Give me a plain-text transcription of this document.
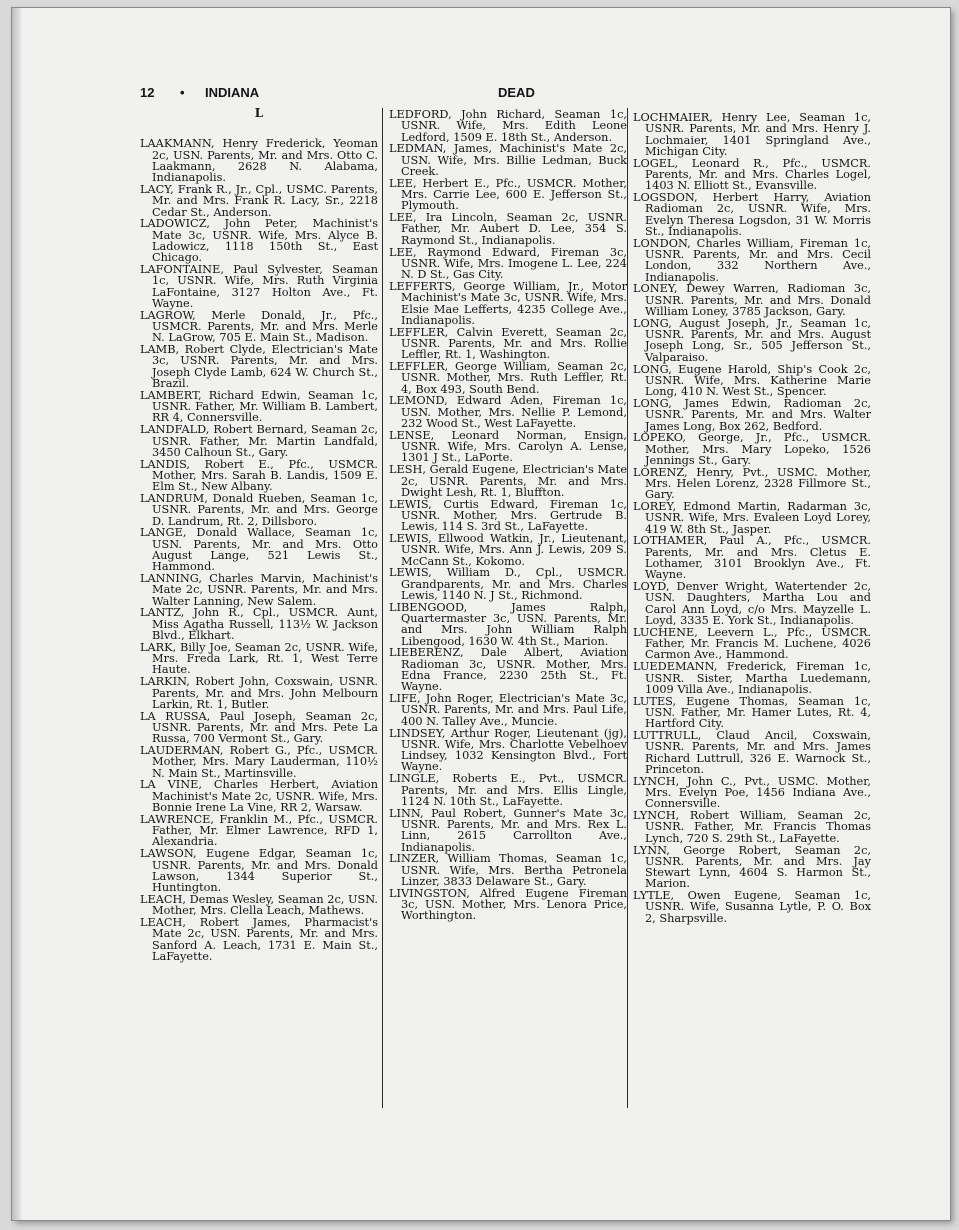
12 • INDIANA	DEAD
L
LAAKMANN, Henry Frederick, Yeoman 2c, USN. Parents, Mr. and Mrs. Otto C. Laakmann, 2628 N. Alabama, Indianapolis.
LACY, Frank R., Jr., Cpl., USMC. Parents, Mr. and Mrs. Frank R. Lacy, Sr., 2218 Cedar St., Anderson.
LADOWICZ, John Peter, Machinist's Mate 3c, USNR. Wife, Mrs. Alyce B. Ladowicz, 1118 150th St., East Chicago.
LAFONTAINE, Paul Sylvester, Seaman 1c, USNR. Wife, Mrs. Ruth Virginia LaFontaine, 3127 Holton Ave., Ft. Wayne.
LAGROW, Merle Donald, Jr., Pfc., USMCR. Parents, Mr. and Mrs. Merle N. LaGrow, 705 E. Main St., Madison.
LAMB, Robert Clyde, Electrician's Mate 3c, USNR. Parents, Mr. and Mrs. Joseph Clyde Lamb, 624 W. Church St., Brazil.
LAMBERT, Richard Edwin, Seaman 1c, USNR. Father, Mr. William B. Lambert, RR 4, Connersville.
LANDFALD, Robert Bernard, Seaman 2c, USNR. Father, Mr. Martin Landfald, 3450 Calhoun St., Gary.
LANDIS, Robert E., Pfc., USMCR. Mother, Mrs. Sarah B. Landis, 1509 E. Elm St., New Albany.
LANDRUM, Donald Rueben, Seaman 1c, USNR. Parents, Mr. and Mrs. George D. Landrum, Rt. 2, Dillsboro.
LANGE, Donald Wallace, Seaman 1c, USN. Parents, Mr. and Mrs. Otto August Lange, 521 Lewis St., Hammond.
LANNING, Charles Marvin, Machinist's Mate 2c, USNR. Parents, Mr. and Mrs. Walter Lanning, New Salem.
LANTZ, John R., Cpl., USMCR. Aunt, Miss Agatha Russell, 113½ W. Jackson Blvd., Elkhart.
LARK, Billy Joe, Seaman 2c, USNR. Wife, Mrs. Freda Lark, Rt. 1, West Terre Haute.
LARKIN, Robert John, Coxswain, USNR. Parents, Mr. and Mrs. John Melbourn Larkin, Rt. 1, Butler.
LA RUSSA, Paul Joseph, Seaman 2c, USNR. Parents, Mr. and Mrs. Pete La Russa, 700 Vermont St., Gary.
LAUDERMAN, Robert G., Pfc., USMCR. Mother, Mrs. Mary Lauderman, 110½ N. Main St., Martinsville.
LA VINE, Charles Herbert, Aviation Machinist's Mate 2c, USNR. Wife, Mrs. Bonnie Irene La Vine, RR 2, Warsaw.
LAWRENCE, Franklin M., Pfc., USMCR. Father, Mr. Elmer Lawrence, RFD 1, Alexandria.
LAWSON, Eugene Edgar, Seaman 1c, USNR. Parents, Mr. and Mrs. Donald Lawson, 1344 Superior St., Huntington.
LEACH, Demas Wesley, Seaman 2c, USN. Mother, Mrs. Clella Leach, Mathews.
LEACH, Robert James, Pharmacist's Mate 2c, USN. Parents, Mr. and Mrs. Sanford A. Leach, 1731 E. Main St., LaFayette.
LEDFORD, John Richard, Seaman 1c, USNR. Wife, Mrs. Edith Leone Ledford, 1509 E. 18th St., Anderson.
LEDMAN, James, Machinist's Mate 2c, USN. Wife, Mrs. Billie Ledman, Buck Creek.
LEE, Herbert E., Pfc., USMCR. Mother, Mrs. Carrie Lee, 600 E. Jefferson St., Plymouth.
LEE, Ira Lincoln, Seaman 2c, USNR. Father, Mr. Aubert D. Lee, 354 S. Raymond St., Indianapolis.
LEE, Raymond Edward, Fireman 3c, USNR. Wife, Mrs. Imogene L. Lee, 224 N. D St., Gas City.
LEFFERTS, George William, Jr., Motor Machinist's Mate 3c, USNR. Wife, Mrs. Elsie Mae Lefferts, 4235 College Ave., Indianapolis.
LEFFLER, Calvin Everett, Seaman 2c, USNR. Parents, Mr. and Mrs. Rollie Leffler, Rt. 1, Washington.
LEFFLER, George William, Seaman 2c, USNR. Mother, Mrs. Ruth Leffler, Rt. 4, Box 493, South Bend.
LEMOND, Edward Aden, Fireman 1c, USN. Mother, Mrs. Nellie P. Lemond, 232 Wood St., West LaFayette.
LENSE, Leonard Norman, Ensign, USNR. Wife, Mrs. Carolyn A. Lense, 1301 J St., LaPorte.
LESH, Gerald Eugene, Electrician's Mate 2c, USNR. Parents, Mr. and Mrs. Dwight Lesh, Rt. 1, Bluffton.
LEWIS, Curtis Edward, Fireman 1c, USNR. Mother, Mrs. Gertrude B. Lewis, 114 S. 3rd St., LaFayette.
LEWIS, Ellwood Watkin, Jr., Lieutenant, USNR. Wife, Mrs. Ann J. Lewis, 209 S. McCann St., Kokomo.
LEWIS, William D., Cpl., USMCR. Grandparents, Mr. and Mrs. Charles Lewis, 1140 N. J St., Richmond.
LIBENGOOD, James Ralph, Quartermaster 3c, USN. Parents, Mr. and Mrs. John William Ralph Libengood, 1630 W. 4th St., Marion.
LIEBERENZ, Dale Albert, Aviation Radioman 3c, USNR. Mother, Mrs. Edna France, 2230 25th St., Ft. Wayne.
LIFE, John Roger, Electrician's Mate 3c, USNR. Parents, Mr. and Mrs. Paul Life, 400 N. Talley Ave., Muncie.
LINDSEY, Arthur Roger, Lieutenant (jg), USNR. Wife, Mrs. Charlotte Vebelhoev Lindsey, 1032 Kensington Blvd., Fort Wayne.
LINGLE, Roberts E., Pvt., USMCR. Parents, Mr. and Mrs. Ellis Lingle, 1124 N. 10th St., LaFayette.
LINN, Paul Robert, Gunner's Mate 3c, USNR. Parents, Mr. and Mrs. Rex L. Linn, 2615 Carrollton Ave., Indianapolis.
LINZER, William Thomas, Seaman 1c, USNR. Wife, Mrs. Bertha Petronela Linzer, 3833 Delaware St., Gary.
LIVINGSTON, Alfred Eugene Fireman 3c, USN. Mother, Mrs. Lenora Price, Worthington.
LOCHMAIER, Henry Lee, Seaman 1c, USNR. Parents, Mr. and Mrs. Henry J. Lochmaier, 1401 Springland Ave., Michigan City.
LOGEL, Leonard R., Pfc., USMCR. Parents, Mr. and Mrs. Charles Logel, 1403 N. Elliott St., Evansville.
LOGSDON, Herbert Harry, Aviation Radioman 2c, USNR. Wife, Mrs. Evelyn Theresa Logsdon, 31 W. Morris St., Indianapolis.
LONDON, Charles William, Fireman 1c, USNR. Parents, Mr. and Mrs. Cecil London, 332 Northern Ave., Indianapolis.
LONEY, Dewey Warren, Radioman 3c, USNR. Parents, Mr. and Mrs. Donald William Loney, 3785 Jackson, Gary.
LONG, August Joseph, Jr., Seaman 1c, USNR. Parents, Mr. and Mrs. August Joseph Long, Sr., 505 Jefferson St., Valparaiso.
LONG, Eugene Harold, Ship's Cook 2c, USNR. Wife, Mrs. Katherine Marie Long, 410 N. West St., Spencer.
LONG, James Edwin, Radioman 2c, USNR. Parents, Mr. and Mrs. Walter James Long, Box 262, Bedford.
LOPEKO, George, Jr., Pfc., USMCR. Mother, Mrs. Mary Lopeko, 1526 Jennings St., Gary.
LORENZ, Henry, Pvt., USMC. Mother, Mrs. Helen Lorenz, 2328 Fillmore St., Gary.
LOREY, Edmond Martin, Radarman 3c, USNR. Wife, Mrs. Evaleen Loyd Lorey, 419 W. 8th St., Jasper.
LOTHAMER, Paul A., Pfc., USMCR. Parents, Mr. and Mrs. Cletus E. Lothamer, 3101 Brooklyn Ave., Ft. Wayne.
LOYD, Denver Wright, Watertender 2c, USN. Daughters, Martha Lou and Carol Ann Loyd, c/o Mrs. Mayzelle L. Loyd, 3335 E. York St., Indianapolis.
LUCHENE, Leevern L., Pfc., USMCR. Father, Mr. Francis M. Luchene, 4026 Carmon Ave., Hammond.
LUEDEMANN, Frederick, Fireman 1c, USNR. Sister, Martha Luedemann, 1009 Villa Ave., Indianapolis.
LUTES, Eugene Thomas, Seaman 1c, USN. Father, Mr. Hamer Lutes, Rt. 4, Hartford City.
LUTTRULL, Claud Ancil, Coxswain, USNR. Parents, Mr. and Mrs. James Richard Luttrull, 326 E. Warnock St., Princeton.
LYNCH, John C., Pvt., USMC. Mother, Mrs. Evelyn Poe, 1456 Indiana Ave., Connersville.
LYNCH, Robert William, Seaman 2c, USNR. Father, Mr. Francis Thomas Lynch, 720 S. 29th St., LaFayette.
LYNN, George Robert, Seaman 2c, USNR. Parents, Mr. and Mrs. Jay Stewart Lynn, 4604 S. Harmon St., Marion.
LYTLE, Owen Eugene, Seaman 1c, USNR. Wife, Susanna Lytle, P. O. Box 2, Sharpsville.
